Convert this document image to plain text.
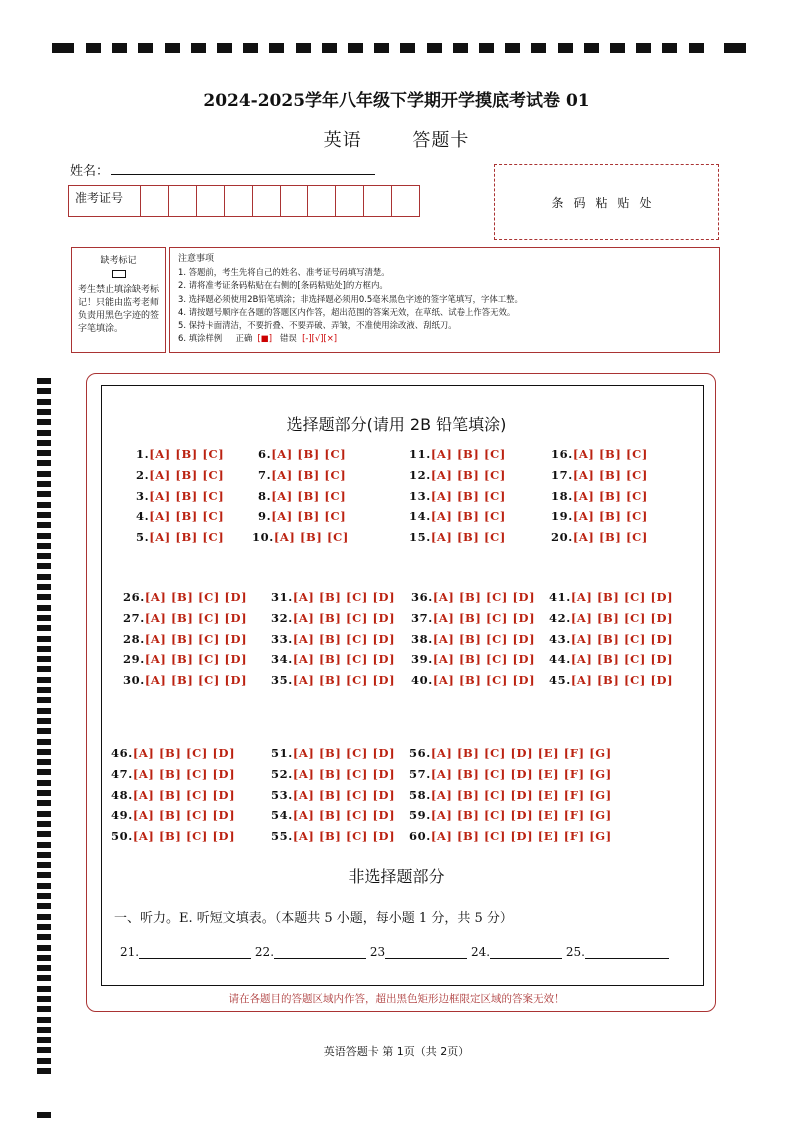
2024-2025学年八年级下学期开学摸底考试卷 01
英语	答题卡
姓名：
准考证号	条码粘贴处
缺考标记
考生禁止填涂缺考标记！只能由监考老师负责用黑色字迹的签字笔填涂。
注意事项
1. 答题前，考生先将自己的姓名、准考证号码填写清楚。
2. 请将准考证条码粘贴在右侧的[条码粘贴处]的方框内。
3. 选择题必须使用2B铅笔填涂；非选择题必须用0.5毫米黑色字迹的签字笔填写，字体工整。
4. 请按题号顺序在各题的答题区内作答，超出范围的答案无效，在草纸、试卷上作答无效。
5. 保持卡面清洁，不要折叠、不要弄破、弄皱，不准使用涂改液、刮纸刀。
6. 填涂样例 正确 [■] 错误 [-][√][×]
选择题部分(请用 2B 铅笔填涂)
1.[A] [B] [C]
2.[A] [B] [C]
3.[A] [B] [C]
4.[A] [B] [C]
5.[A] [B] [C]
6.[A] [B] [C]
7.[A] [B] [C]
8.[A] [B] [C]
9.[A] [B] [C]
10.[A] [B] [C]
11.[A] [B] [C]
12.[A] [B] [C]
13.[A] [B] [C]
14.[A] [B] [C]
15.[A] [B] [C]
16.[A] [B] [C]
17.[A] [B] [C]
18.[A] [B] [C]
19.[A] [B] [C]
20.[A] [B] [C]
26.[A] [B] [C] [D]
27.[A] [B] [C] [D]
28.[A] [B] [C] [D]
29.[A] [B] [C] [D]
30.[A] [B] [C] [D]
31.[A] [B] [C] [D]
32.[A] [B] [C] [D]
33.[A] [B] [C] [D]
34.[A] [B] [C] [D]
35.[A] [B] [C] [D]
36.[A] [B] [C] [D]
37.[A] [B] [C] [D]
38.[A] [B] [C] [D]
39.[A] [B] [C] [D]
40.[A] [B] [C] [D]
41.[A] [B] [C] [D]
42.[A] [B] [C] [D]
43.[A] [B] [C] [D]
44.[A] [B] [C] [D]
45.[A] [B] [C] [D]
46.[A] [B] [C] [D]
47.[A] [B] [C] [D]
48.[A] [B] [C] [D]
49.[A] [B] [C] [D]
50.[A] [B] [C] [D]
51.[A] [B] [C] [D]
52.[A] [B] [C] [D]
53.[A] [B] [C] [D]
54.[A] [B] [C] [D]
55.[A] [B] [C] [D]
56.[A] [B] [C] [D] [E] [F] [G]
57.[A] [B] [C] [D] [E] [F] [G]
58.[A] [B] [C] [D] [E] [F] [G]
59.[A] [B] [C] [D] [E] [F] [G]
60.[A] [B] [C] [D] [E] [F] [G]
非选择题部分
一、听力。E. 听短文填表。（本题共 5 小题，每小题 1 分，共 5 分）
21.	22.	23	24.	25.
请在各题目的答题区域内作答，超出黑色矩形边框限定区域的答案无效！
英语答题卡 第 1页（共 2页）
